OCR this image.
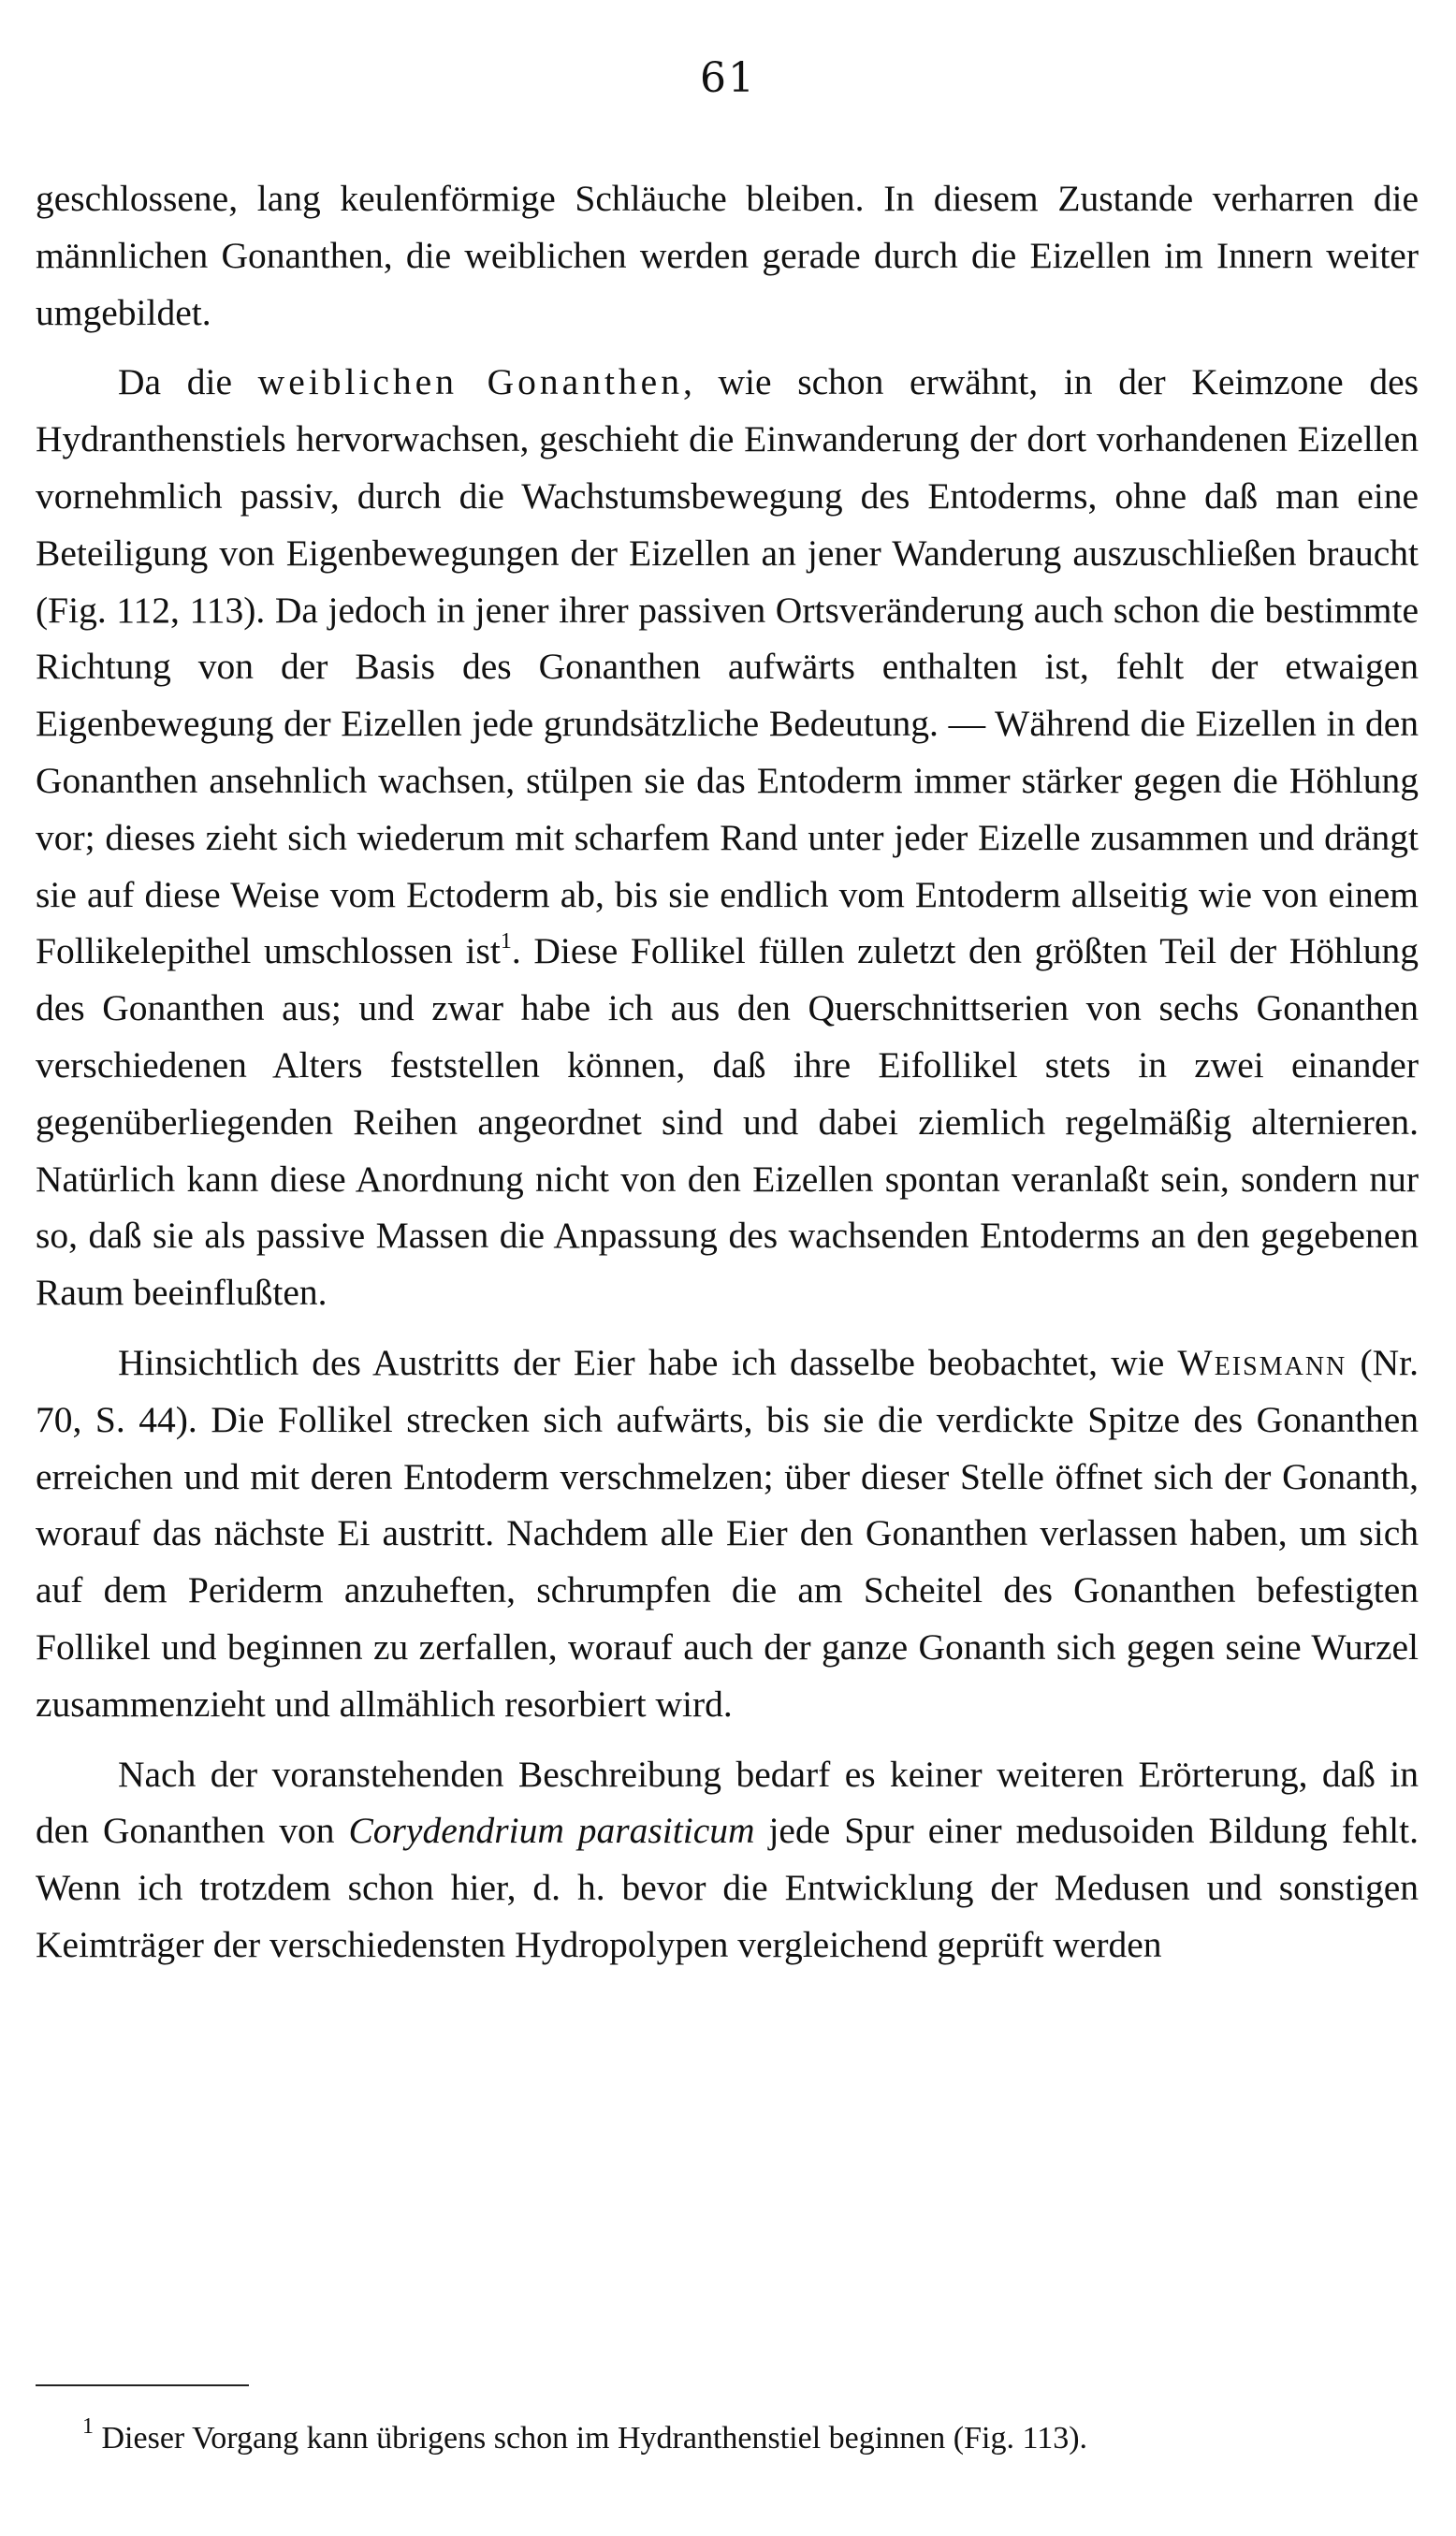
61

geschlossene, lang keulenförmige Schläuche bleiben. In diesem Zustande verharren die männlichen Gonanthen, die weiblichen werden gerade durch die Eizellen im Innern weiter umgebildet.

Da die weiblichen Gonanthen, wie schon erwähnt, in der Keimzone des Hydranthenstiels hervorwachsen, geschieht die Einwanderung der dort vorhandenen Eizellen vornehmlich passiv, durch die Wachstumsbewegung des Entoderms, ohne daß man eine Beteiligung von Eigenbewegungen der Eizellen an jener Wanderung auszuschließen braucht (Fig. 112, 113). Da jedoch in jener ihrer passiven Ortsveränderung auch schon die bestimmte Richtung von der Basis des Gonanthen aufwärts enthalten ist, fehlt der etwaigen Eigenbewegung der Eizellen jede grundsätzliche Bedeutung. — Während die Eizellen in den Gonanthen ansehnlich wachsen, stülpen sie das Entoderm immer stärker gegen die Höhlung vor; dieses zieht sich wiederum mit scharfem Rand unter jeder Eizelle zusammen und drängt sie auf diese Weise vom Ectoderm ab, bis sie endlich vom Entoderm allseitig wie von einem Follikelepithel umschlossen ist$^1$. Diese Follikel füllen zuletzt den größten Teil der Höhlung des Gonanthen aus; und zwar habe ich aus den Querschnittserien von sechs Gonanthen verschiedenen Alters feststellen können, daß ihre Eifollikel stets in zwei einander gegenüberliegenden Reihen angeordnet sind und dabei ziemlich regelmäßig alternieren. Natürlich kann diese Anordnung nicht von den Eizellen spontan veranlaßt sein, sondern nur so, daß sie als passive Massen die Anpassung des wachsenden Entoderms an den gegebenen Raum beeinflußten.

Hinsichtlich des Austritts der Eier habe ich dasselbe beobachtet, wie Weismann (Nr. 70, S. 44). Die Follikel strecken sich aufwärts, bis sie die verdickte Spitze des Gonanthen erreichen und mit deren Entoderm verschmelzen; über dieser Stelle öffnet sich der Gonanth, worauf das nächste Ei austritt. Nachdem alle Eier den Gonanthen verlassen haben, um sich auf dem Periderm anzuheften, schrumpfen die am Scheitel des Gonanthen befestigten Follikel und beginnen zu zerfallen, worauf auch der ganze Gonanth sich gegen seine Wurzel zusammenzieht und allmählich resorbiert wird.

Nach der voranstehenden Beschreibung bedarf es keiner weiteren Erörterung, daß in den Gonanthen von Corydendrium parasiticum jede Spur einer medusoiden Bildung fehlt. Wenn ich trotzdem schon hier, d. h. bevor die Entwicklung der Medusen und sonstigen Keimträger der verschiedensten Hydropolypen vergleichend geprüft werden

$^1$ Dieser Vorgang kann übrigens schon im Hydranthenstiel beginnen (Fig. 113).
